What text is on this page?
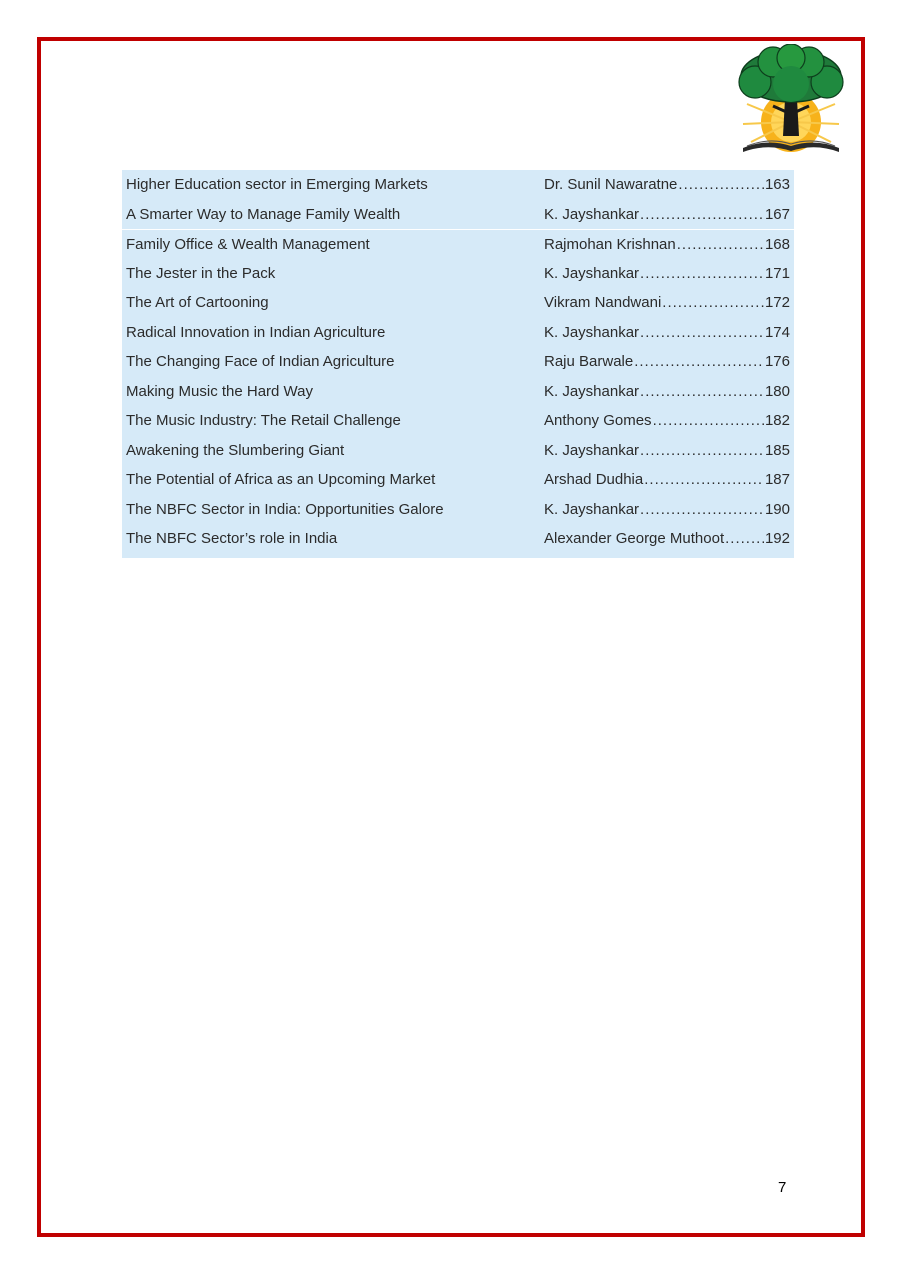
Higher Education sector in Emerging Markets	Dr. Sunil Nawaratne .....	163
A Smarter Way to Manage Family Wealth	K. Jayshankar .....	167
Family Office & Wealth Management	Rajmohan Krishnan .....	168
The Jester in the Pack	K. Jayshankar .....	171
The Art of Cartooning	Vikram Nandwani .....	172
Radical Innovation in Indian Agriculture	K. Jayshankar .....	174
The Changing Face of Indian Agriculture	Raju Barwale .....	176
Making Music the Hard Way	K. Jayshankar .....	180
The Music Industry: The Retail Challenge	Anthony Gomes .....	182
Awakening the Slumbering Giant	K. Jayshankar .....	185
The Potential of Africa as an Upcoming Market	Arshad Dudhia .....	187
The NBFC Sector in India: Opportunities Galore	K. Jayshankar .....	190
The NBFC Sector’s role in India	Alexander George Muthoot .....	192
7
